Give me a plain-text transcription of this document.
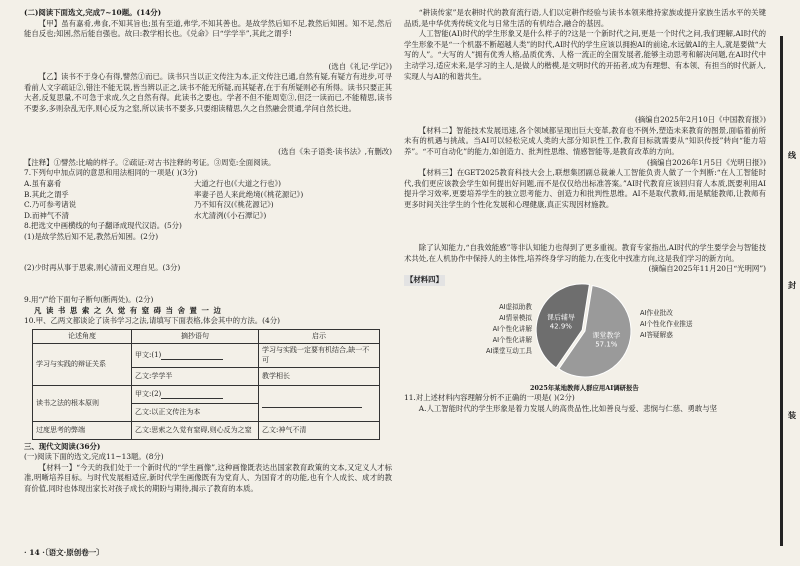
(二)阅读下面选文,完成7~10题。(14分)

【甲】虽有嘉肴,弗食,不知其旨也;虽有至道,弗学,不知其善也。是故学然后知不足,教然后知困。知不足,然后能自反也;知困,然后能自强也。故曰:教学相长也。《兑命》曰“学学半”,其此之谓乎!

(选自《礼记·学记》)

【乙】读书不于身心有得,譬然①而已。读书只当以正文传注为本,正文传注已通,自然有疑,有疑方有进步,可寻看前人文字疏证②,错注不能无误,皆当辨以正之,读书不能无所疑,而其疑者,在于有所疑则必有所得。读书只要正其大者,反复思量,不可急于求成,久之自然有得。此读书之要也。学者不但不能周览③,但泛一读而已,不能精思,读书不要多,多则杂乱无序,则心反为之窒,所以读书不要多,只要细读精思,久之自然融会贯通,学问自然长进。

(选自《朱子语类·读书法》,有删改)

【注释】①譬然:比喻的样子。②疏证:对古书注释的考证。③周览:全面阅读。

7.下列句中加点词的意思和用法相同的一项是( )(3分)

A.虽有嘉肴	大道之行也(《大道之行也》)
B.其此之谓乎	率妻子邑人来此绝境(《桃花源记》)
C.乃可参考诸说	乃不知有汉(《桃花源记》)
D.而神气不清	水尤清洌(《小石潭记》)

8.把选文中画横线的句子翻译成现代汉语。(5分)

(1)是故学然后知不足,教然后知困。(2分)

(2)少时再从事于思索,则心清而义理自见。(3分)

9.用“/”给下面句子断句(断两处)。(2分)

凡 读 书 思 索 之 久 觉 有 窒 碍 当 舍 置 一 边

10.甲、乙两文都谈论了读书学习之法,请填写下面表格,体会其中的方法。(4分)

论述角度	摘抄语句	启示
学习与实践的辩证关系	甲文:(1)	学习与实践一定要有机结合,缺一不可
	乙文:学学半	教学相长
读书之法的根本原则	甲文:(2)	
	乙文:以正文传注为本	
过度思考的弊端	乙文:思索之久觉有窒碍,则心反为之窒	乙文:神气不清

三、现代文阅读(36分)

(一)阅读下面的选文,完成11~13题。(8分)

【材料一】“今天的我们处于一个新时代的“学生画像”,这种画像既表达出国家教育政策的文本,又定义人才标准,明晰培养目标。与时代发展相适应,新时代学生画像既有为党育人、为国育才的功能,也有个人成长、成才的教育价值,同时也体现出家长对孩子成长的期盼与期待,揭示了教育的本质。

“耕读传家”是农耕时代的教育流行语,人们以定耕作经验与读书本领来维持家族或提升家族生活水平的关键品质,是中华优秀传统文化与日常生活的有机结合,融合的基因。

人工智能(AI)时代的学生形象又是什么样子的?这是一个新时代之问,更是一个时代之问,我们理解,AI时代的学生形象不是“一个机器不断超越人类”的时代,AI时代的学生应该以拥抱AI的前途,水远做AI的主人,就是要做“大写的人”。“大写的人”拥有优秀人格,品质优秀、人格一流正的全面发展者,能够主动思考和解决问题,在AI时代中主动学习,适应未来,是学习的主人,是做人的楷模,是文明时代的开拓者,成为有理想、有本领、有担当的时代新人,实现人与AI的和谐共生。

(摘编自2025年2月10日《中国教育报》)

【材料二】智能技术发展迅速,各个领域都呈现出巨大变革,教育也不例外,塑造未来教育的图景,面临着前所未有的机遇与挑战。当AI可以轻松完成人类的大部分知识性工作,教育目标就需要从“知识传授”转向“能力培养”。“不可自动化”的能力,如创造力、批判性思维、情感智能等,是教育改革的方向。

(摘编自2026年1月5日《光明日报》)

【材料三】在GET2025教育科技大会上,联想集团副总裁兼人工智能负责人做了一个判断:“在人工智能时代,我们更应该教会学生如何提出好问题,而不是仅仅给出标准答案。”AI时代教育应该回归育人本质,既要利用AI提升学习效率,更要培养学生的独立思考能力、创造力和批判性思维。AI不是取代教师,而是赋能教师,让教师有更多时间关注学生的个性化发展和心理健康,真正实现因材施教。

除了认知能力,“自我效能感”等非认知能力也得到了更多重视。教育专家指出,AI时代的学生要学会与智能技术共处,在人机协作中保持人的主体性,培养终身学习的能力,在变化中找准方向,这是我们学习的新方向。

(摘编自2025年11月20日“光明网”)

【材料四】
课堂教学
57.1%
课后辅导
42.9%
AI虚拟助教
AI情景模拟
AI个性化讲解
AI个性化讲解
AI课堂互动工具
AI作业批改
AI个性化作业推送
AI答疑解惑
2025年某地教师人群应用AI调研报告

11.对上述材料内容理解分析不正确的一项是( )(2分)

A.人工智能时代的学生形象是着力发展人的高贵品性,比如善良与爱、悲悯与仁慈、勇敢与坚

线
封
装
· 14 ·〔语文·原创卷一〕
